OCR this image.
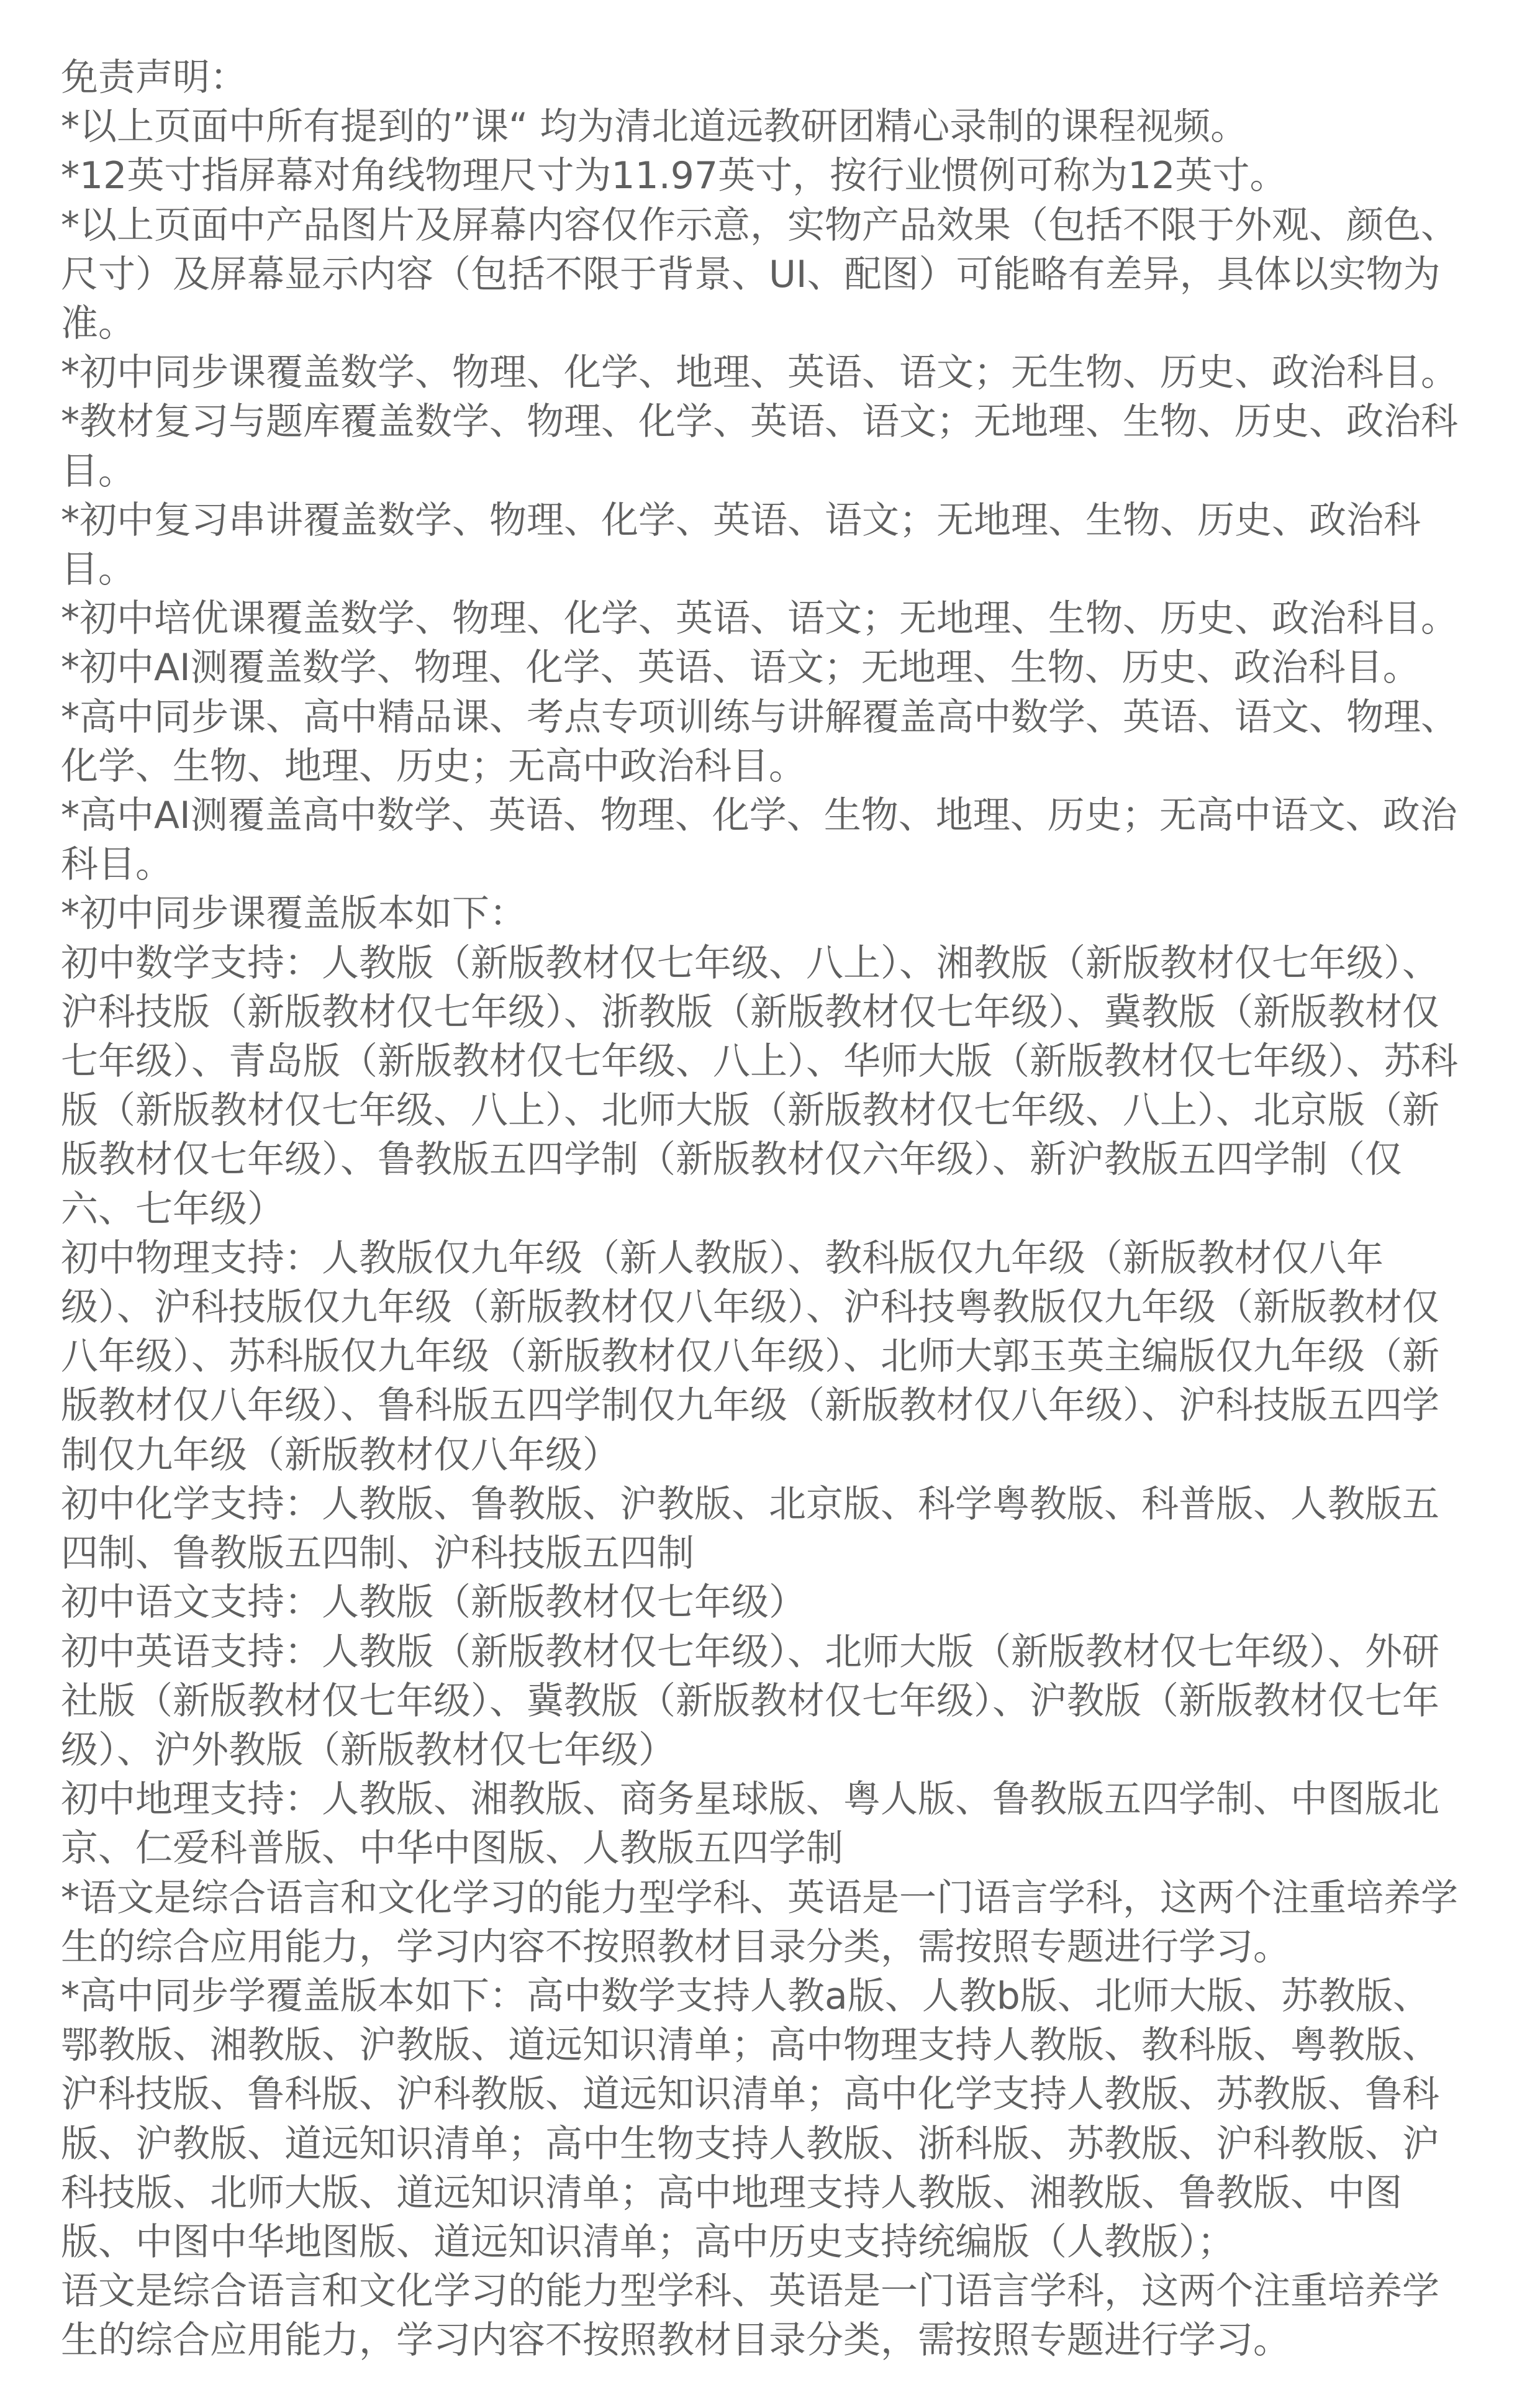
免责声明：

*以上页面中所有提到的”课“ 均为清北道远教研团精心录制的课程视频。

*12英寸指屏幕对角线物理尺寸为11.97英寸，按行业惯例可称为12英寸。

*以上页面中产品图片及屏幕内容仅作示意，实物产品效果（包括不限于外观、颜色、尺寸）及屏幕显示内容（包括不限于背景、UI、配图）可能略有差异，具体以实物为准。

*初中同步课覆盖数学、物理、化学、地理、英语、语文；无生物、历史、政治科目。

*教材复习与题库覆盖数学、物理、化学、英语、语文；无地理、生物、历史、政治科目。

*初中复习串讲覆盖数学、物理、化学、英语、语文；无地理、生物、历史、政治科目。

*初中培优课覆盖数学、物理、化学、英语、语文；无地理、生物、历史、政治科目。

*初中AI测覆盖数学、物理、化学、英语、语文；无地理、生物、历史、政治科目。

*高中同步课、高中精品课、考点专项训练与讲解覆盖高中数学、英语、语文、物理、化学、生物、地理、历史；无高中政治科目。

*高中AI测覆盖高中数学、英语、物理、化学、生物、地理、历史；无高中语文、政治科目。

*初中同步课覆盖版本如下：

初中数学支持：人教版（新版教材仅七年级、八上）、湘教版（新版教材仅七年级）、沪科技版（新版教材仅七年级）、浙教版（新版教材仅七年级）、冀教版（新版教材仅七年级）、青岛版（新版教材仅七年级、八上）、华师大版（新版教材仅七年级）、苏科版（新版教材仅七年级、八上）、北师大版（新版教材仅七年级、八上）、北京版（新版教材仅七年级）、鲁教版五四学制（新版教材仅六年级）、新沪教版五四学制（仅六、七年级）

初中物理支持：人教版仅九年级（新人教版）、教科版仅九年级（新版教材仅八年级）、沪科技版仅九年级（新版教材仅八年级）、沪科技粤教版仅九年级（新版教材仅八年级）、苏科版仅九年级（新版教材仅八年级）、北师大郭玉英主编版仅九年级（新版教材仅八年级）、鲁科版五四学制仅九年级（新版教材仅八年级）、沪科技版五四学制仅九年级（新版教材仅八年级）

初中化学支持：人教版、鲁教版、沪教版、北京版、科学粤教版、科普版、人教版五四制、鲁教版五四制、沪科技版五四制

初中语文支持：人教版（新版教材仅七年级）

初中英语支持：人教版（新版教材仅七年级）、北师大版（新版教材仅七年级）、外研社版（新版教材仅七年级）、冀教版（新版教材仅七年级）、沪教版（新版教材仅七年级）、沪外教版（新版教材仅七年级）

初中地理支持：人教版、湘教版、商务星球版、粤人版、鲁教版五四学制、中图版北京、仁爱科普版、中华中图版、人教版五四学制

*语文是综合语言和文化学习的能力型学科、英语是一门语言学科，这两个注重培养学生的综合应用能力，学习内容不按照教材目录分类，需按照专题进行学习。

*高中同步学覆盖版本如下：高中数学支持人教a版、人教b版、北师大版、苏教版、鄂教版、湘教版、沪教版、道远知识清单；高中物理支持人教版、教科版、粤教版、沪科技版、鲁科版、沪科教版、道远知识清单；高中化学支持人教版、苏教版、鲁科版、沪教版、道远知识清单；高中生物支持人教版、浙科版、苏教版、沪科教版、沪科技版、北师大版、道远知识清单；高中地理支持人教版、湘教版、鲁教版、中图版、中图中华地图版、道远知识清单；高中历史支持统编版（人教版）；

语文是综合语言和文化学习的能力型学科、英语是一门语言学科，这两个注重培养学生的综合应用能力，学习内容不按照教材目录分类，需按照专题进行学习。
